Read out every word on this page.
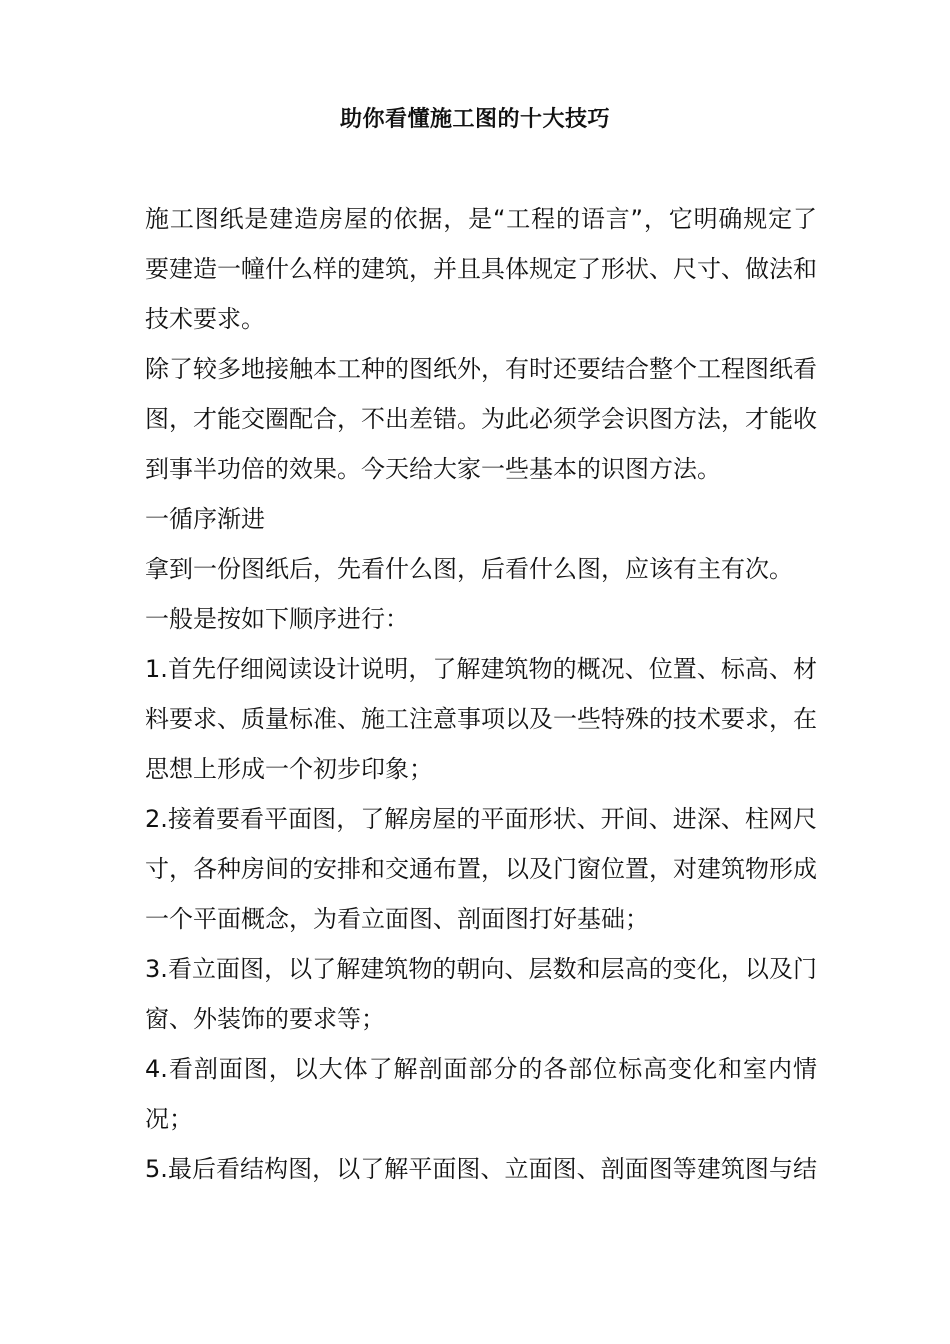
助你看懂施工图的十大技巧
施工图纸是建造房屋的依据，是“工程的语言”，它明确规定了
要建造一幢什么样的建筑，并且具体规定了形状、尺寸、做法和
技术要求。
除了较多地接触本工种的图纸外，有时还要结合整个工程图纸看
图，才能交圈配合，不出差错。为此必须学会识图方法，才能收
到事半功倍的效果。今天给大家一些基本的识图方法。
一循序渐进
拿到一份图纸后，先看什么图，后看什么图，应该有主有次。
一般是按如下顺序进行：
1.首先仔细阅读设计说明，了解建筑物的概况、位置、标高、材
料要求、质量标准、施工注意事项以及一些特殊的技术要求，在
思想上形成一个初步印象；
2.接着要看平面图，了解房屋的平面形状、开间、进深、柱网尺
寸，各种房间的安排和交通布置，以及门窗位置，对建筑物形成
一个平面概念，为看立面图、剖面图打好基础；
3.看立面图，以了解建筑物的朝向、层数和层高的变化，以及门
窗、外装饰的要求等；
4.看剖面图，以大体了解剖面部分的各部位标高变化和室内情
况；
5.最后看结构图，以了解平面图、立面图、剖面图等建筑图与结
